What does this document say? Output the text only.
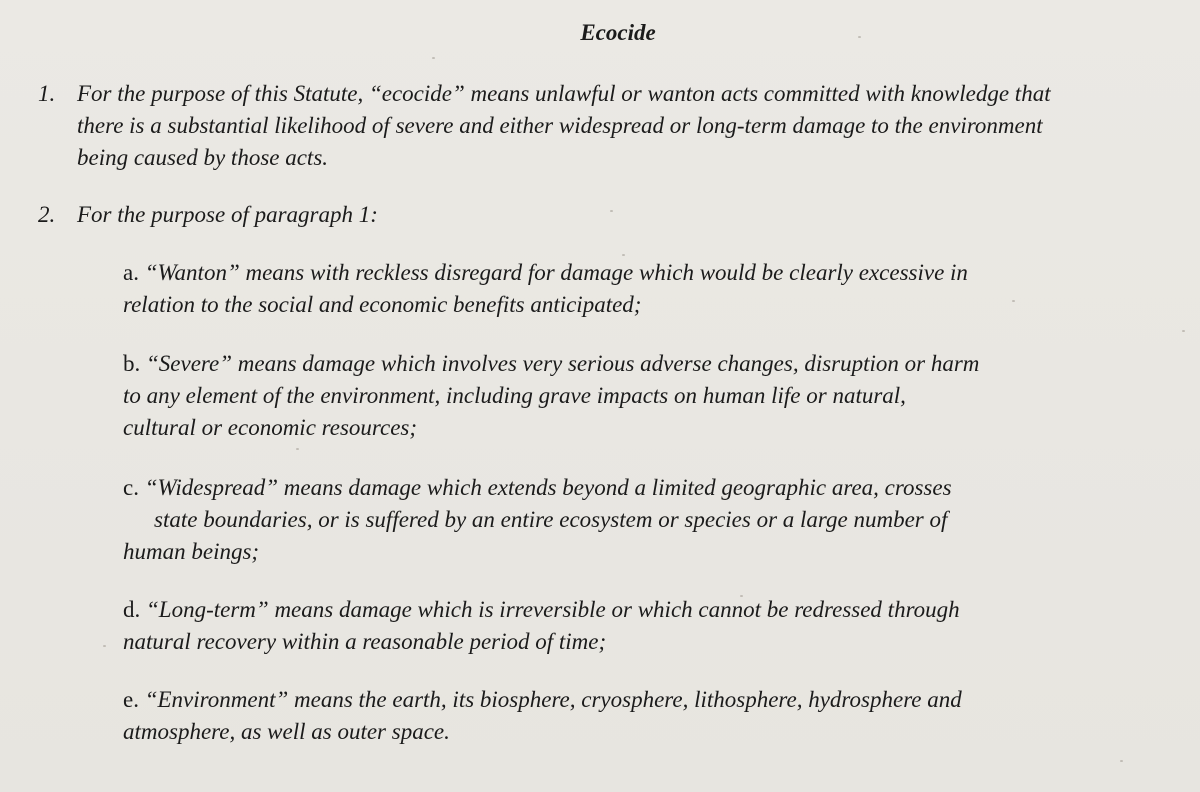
Ecocide
1. For the purpose of this Statute, “ecocide” means unlawful or wanton acts committed with knowledge that
there is a substantial likelihood of severe and either widespread or long-term damage to the environment
being caused by those acts.
2. For the purpose of paragraph 1:
a. “Wanton” means with reckless disregard for damage which would be clearly excessive in
relation to the social and economic benefits anticipated;
b. “Severe” means damage which involves very serious adverse changes, disruption or harm
to any element of the environment, including grave impacts on human life or natural,
cultural or economic resources;
c. “Widespread” means damage which extends beyond a limited geographic area, crosses
state boundaries, or is suffered by an entire ecosystem or species or a large number of
human beings;
d. “Long-term” means damage which is irreversible or which cannot be redressed through
natural recovery within a reasonable period of time;
e. “Environment” means the earth, its biosphere, cryosphere, lithosphere, hydrosphere and
atmosphere, as well as outer space.
